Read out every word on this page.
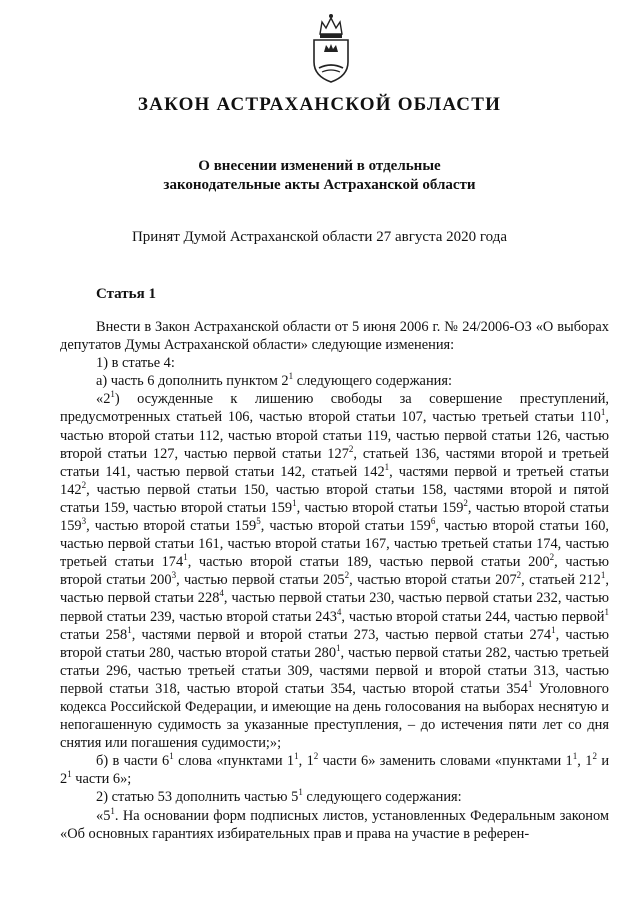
ЗАКОН АСТРАХАНСКОЙ ОБЛАСТИ
О внесении изменений в отдельные
законодательные акты Астраханской области
Принят Думой Астраханской области 27 августа 2020 года
Статья 1

Внести в Закон Астраханской области от 5 июня 2006 г. № 24/2006-ОЗ «О выборах депутатов Думы Астраханской области» следующие изменения:

1) в статье 4:

а) часть 6 дополнить пунктом $2^1$ следующего содержания:

«$2^1$) осужденные к лишению свободы за совершение преступлений, предусмотренных статьей 106, частью второй статьи 107, частью третьей статьи $110^1$, частью второй статьи 112, частью второй статьи 119, частью первой статьи 126, частью второй статьи 127, частью первой статьи $127^2$, статьей 136, частями второй и третьей статьи 141, частью первой статьи 142, статьей $142^1$, частями первой и третьей статьи $142^2$, частью первой статьи 150, частью второй статьи 158, частями второй и пятой статьи 159, частью второй статьи $159^1$, частью второй статьи $159^2$, частью второй статьи $159^3$, частью второй статьи $159^5$, частью второй статьи $159^6$, частью второй статьи 160, частью первой статьи 161, частью второй статьи 167, частью третьей статьи 174, частью третьей статьи $174^1$, частью второй статьи 189, частью первой статьи $200^2$, частью второй статьи $200^3$, частью первой статьи $205^2$, частью второй статьи $207^2$, статьей $212^1$, частью первой статьи $228^4$, частью первой статьи 230, частью первой статьи 232, частью первой статьи 239, частью второй статьи $243^4$, частью второй статьи 244, частью первой$^1$ статьи $258^1$, частями первой и второй статьи 273, частью первой статьи $274^1$, частью второй статьи 280, частью второй статьи $280^1$, частью первой статьи 282, частью третьей статьи 296, частью третьей статьи 309, частями первой и второй статьи 313, частью первой статьи 318, частью второй статьи 354, частью второй статьи $354^1$ Уголовного кодекса Российской Федерации, и имеющие на день голосования на выборах неснятую и непогашенную судимость за указанные преступления, – до истечения пяти лет со дня снятия или погашения судимости;»;

б) в части $6^1$ слова «пунктами $1^1$, $1^2$ части 6» заменить словами «пунктами $1^1$, $1^2$ и $2^1$ части 6»;

2) статью 53 дополнить частью $5^1$ следующего содержания:

«$5^1$. На основании форм подписных листов, установленных Федеральным законом «Об основных гарантиях избирательных прав и права на участие в референ-
